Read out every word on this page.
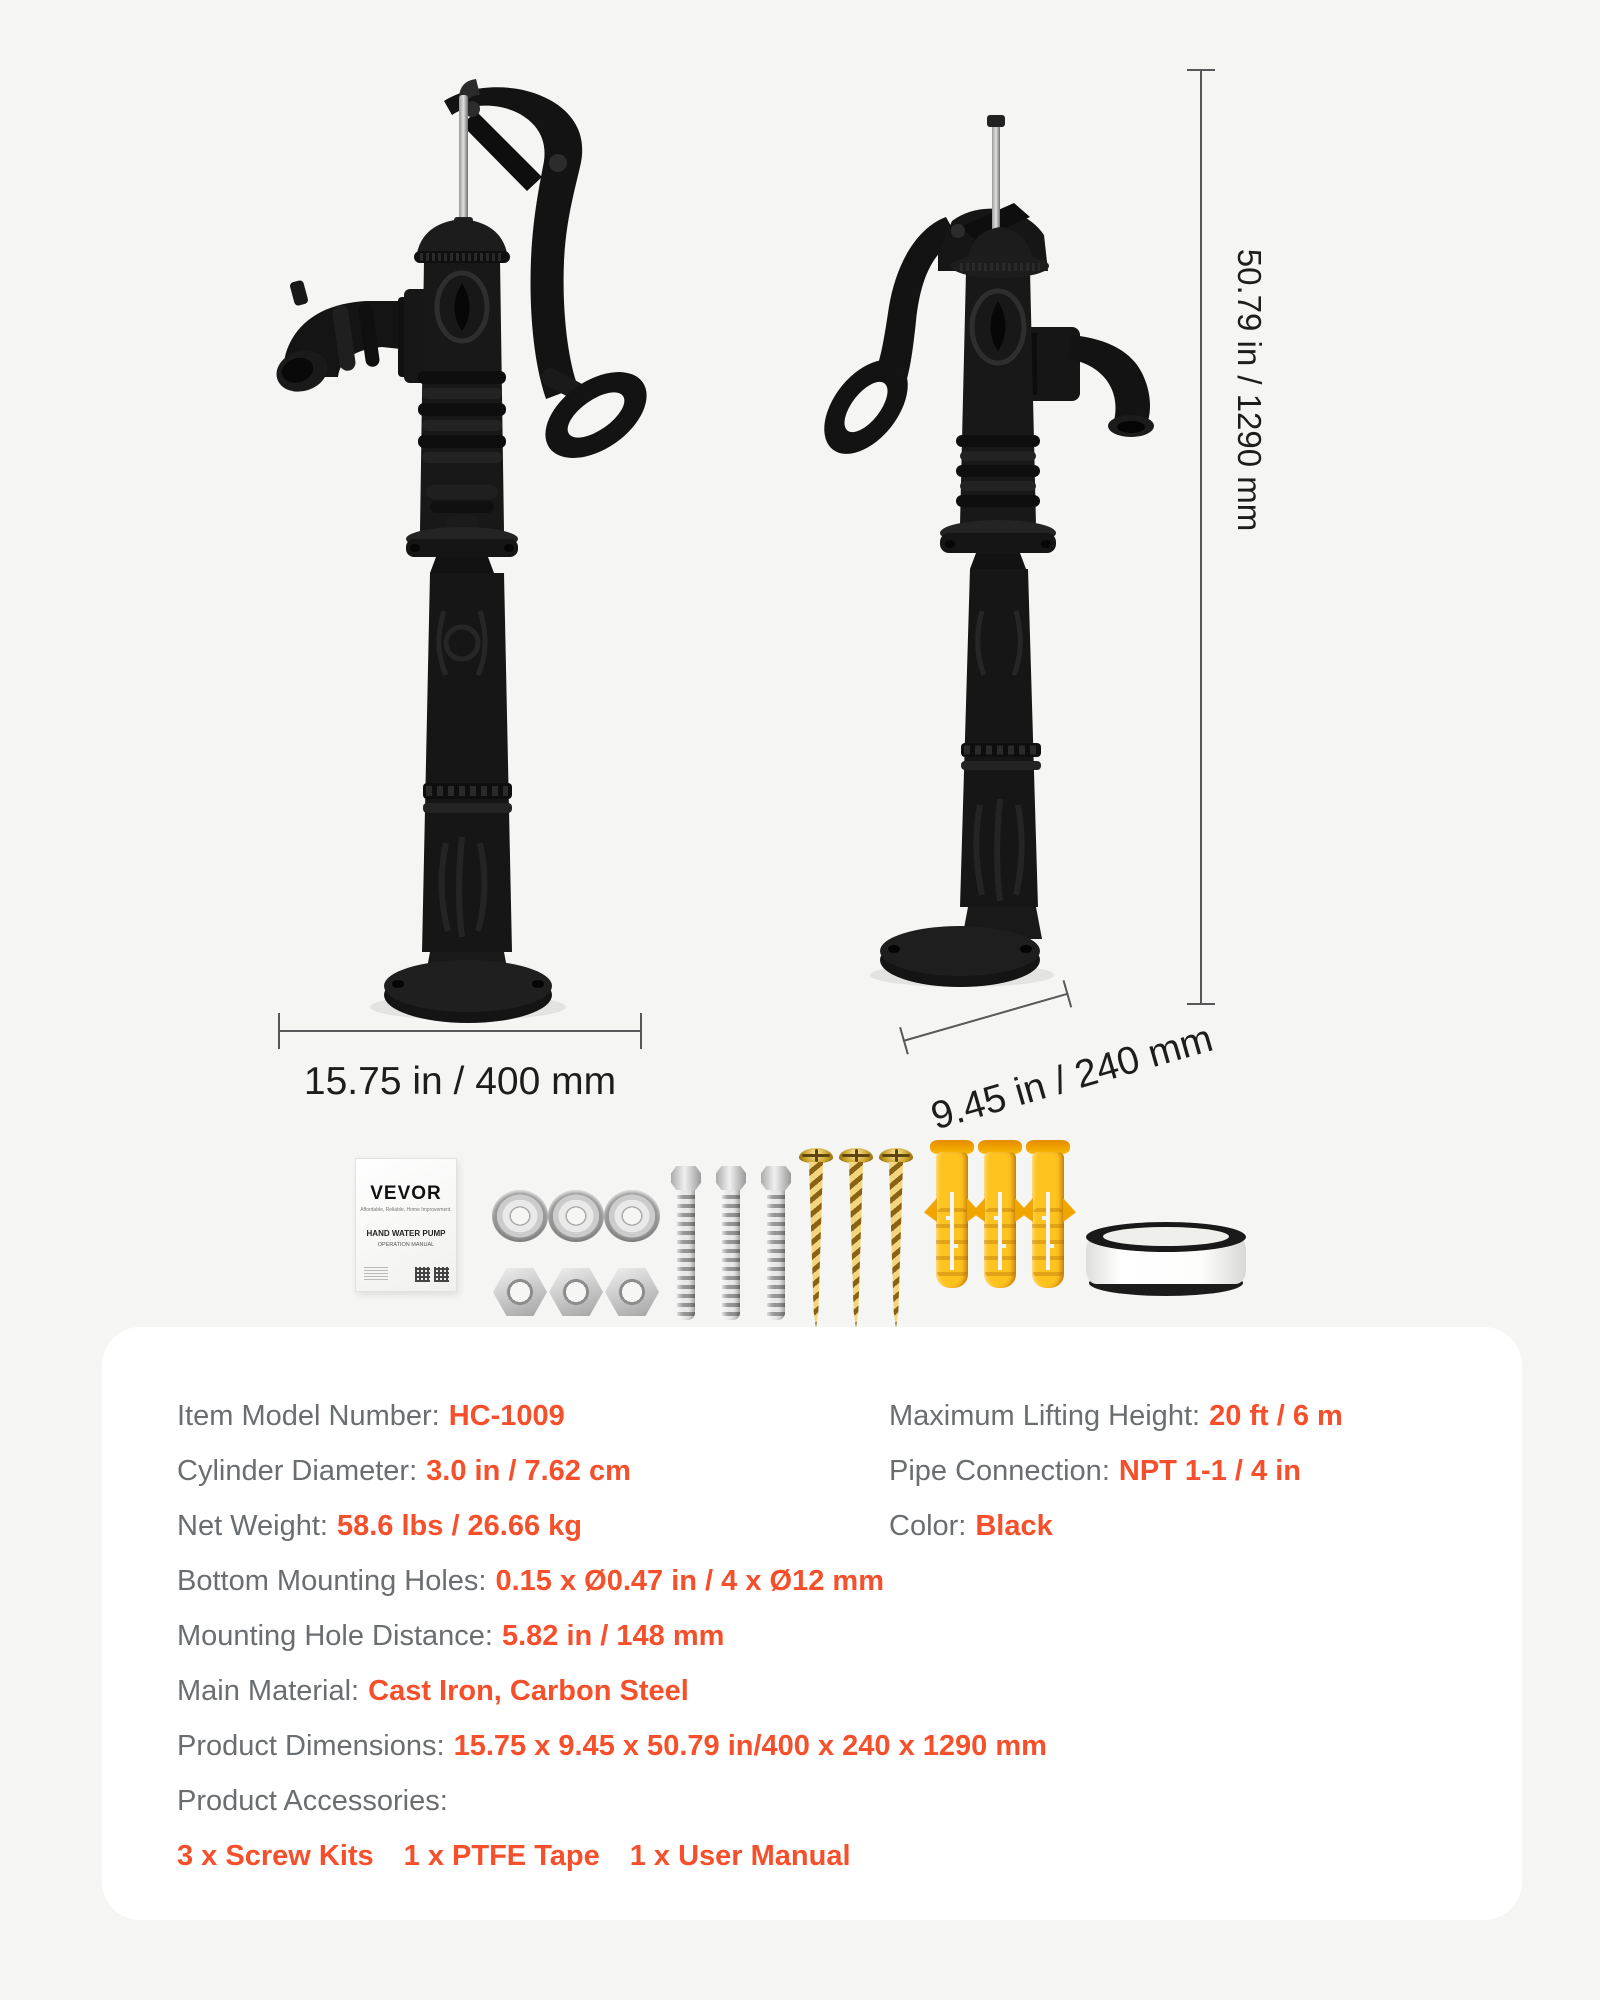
50.79 in / 1290 mm
15.75 in / 400 mm	9.45 in / 240 mm
VEVOR
Affordable, Reliable, Home Improvement.
HAND WATER PUMP
OPERATION MANUAL
Item Model Number: HC-1009	Maximum Lifting Height: 20 ft / 6 m
Cylinder Diameter: 3.0 in / 7.62 cm	Pipe Connection: NPT 1-1 / 4 in
Net Weight: 58.6 lbs / 26.66 kg	Color: Black
Bottom Mounting Holes: 0.15 x Ø0.47 in / 4 x Ø12 mm
Mounting Hole Distance: 5.82 in / 148 mm
Main Material: Cast Iron, Carbon Steel
Product Dimensions: 15.75 x 9.45 x 50.79 in/400 x 240 x 1290 mm
Product Accessories:
3 x Screw Kits 1 x PTFE Tape 1 x User Manual
